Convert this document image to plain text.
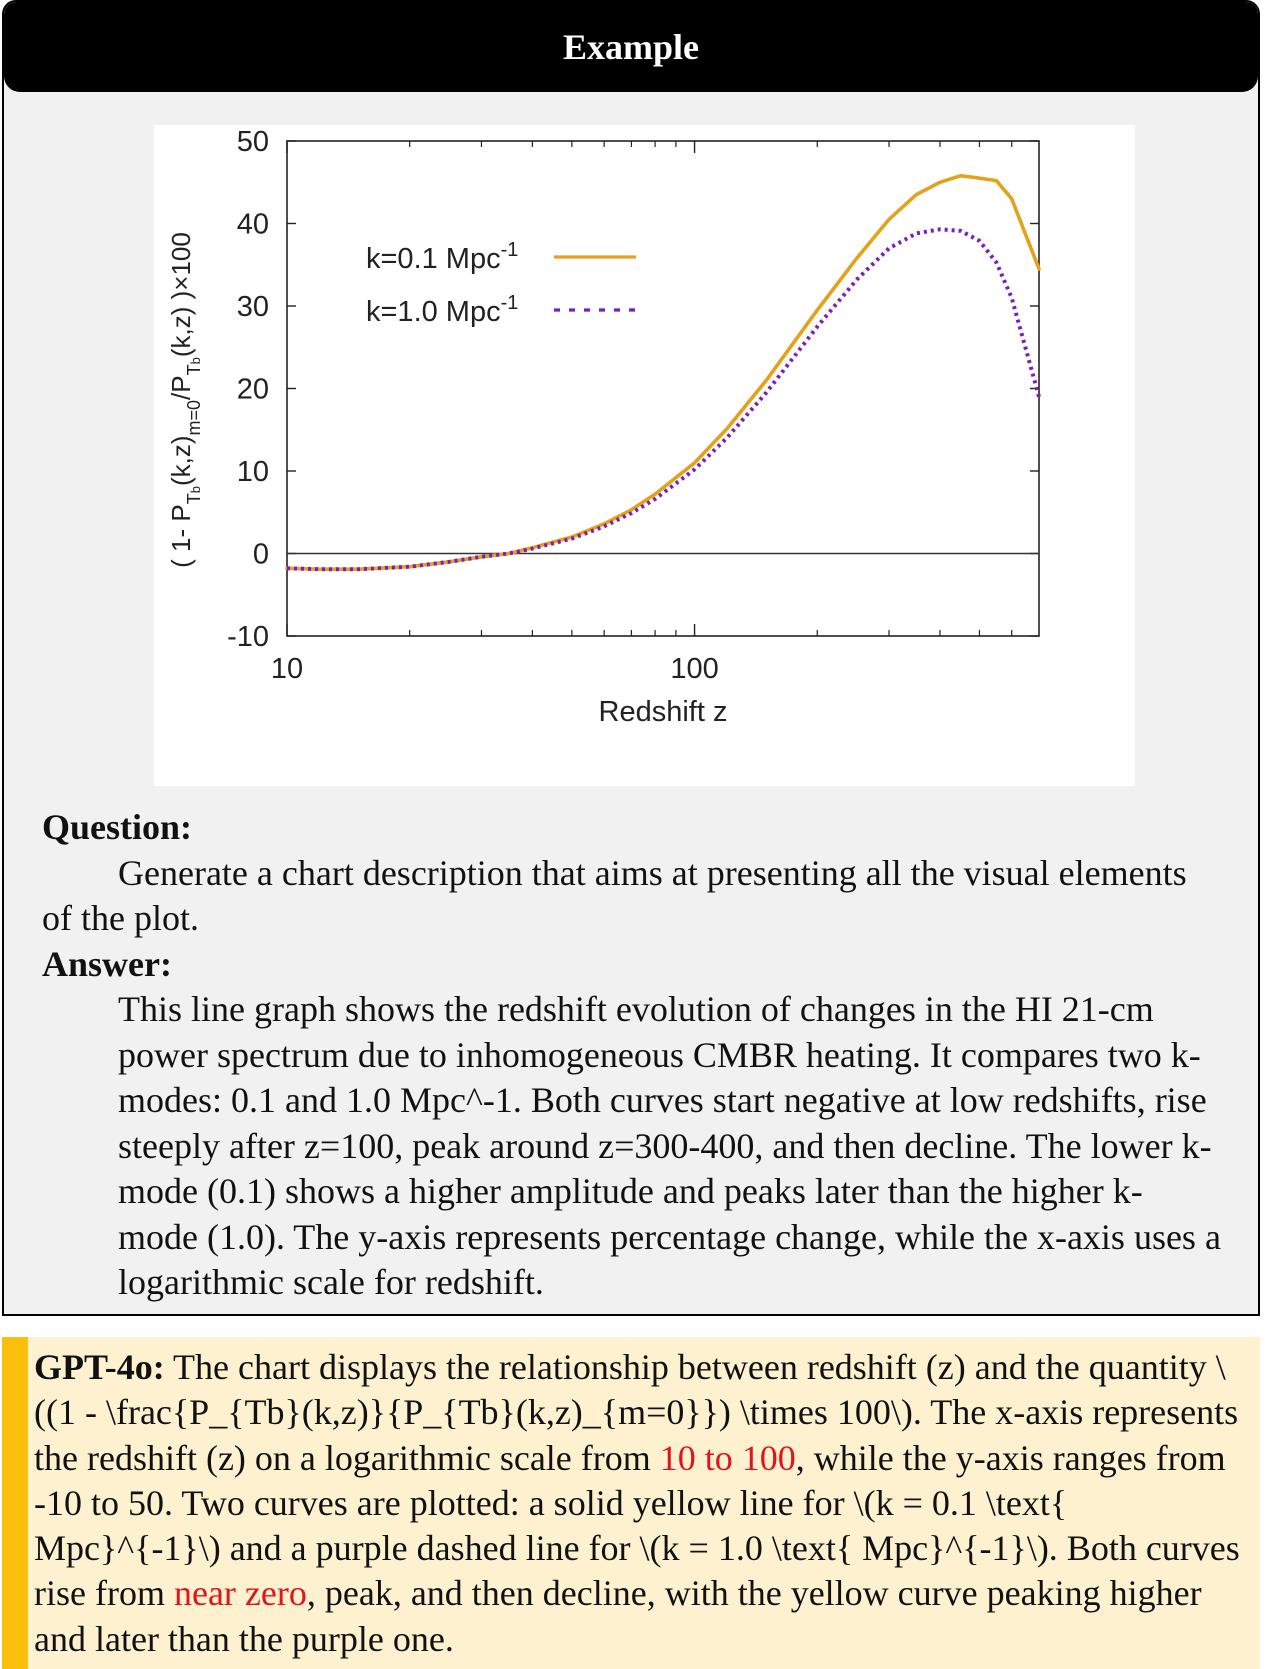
Example
50
40
30
20
10
0
-10
10	100
Redshift z
( 1- $P_Tb(k,z)_{m=0}/P_Tb(k,z)$ )×100	k=0.1 Mpc$^{-1}$
k=1.0 Mpc$^{-1}$
Question:
Generate a chart description that aims at presenting all the visual elements of the plot.
Answer:
This line graph shows the redshift evolution of changes in the HI 21-cm power spectrum due to inhomogeneous CMBR heating. It compares two k-modes: 0.1 and 1.0 Mpc^-1. Both curves start negative at low redshifts, rise steeply after z=100, peak around z=300-400, and then decline. The lower k-mode (0.1) shows a higher amplitude and peaks later than the higher k-mode (1.0). The y-axis represents percentage change, while the x-axis uses a logarithmic scale for redshift.
GPT-4o: The chart displays the relationship between redshift (z) and the quantity \((1 - \frac{P_{Tb}(k,z)}{P_{Tb}(k,z)_{m=0}}) \times 100\). The x-axis represents the redshift (z) on a logarithmic scale from 10 to 100, while the y-axis ranges from -10 to 50. Two curves are plotted: a solid yellow line for \(k = 0.1 \text{ Mpc}^{-1}\) and a purple dashed line for \(k = 1.0 \text{ Mpc}^{-1}\). Both curves rise from near zero, peak, and then decline, with the yellow curve peaking higher and later than the purple one.
